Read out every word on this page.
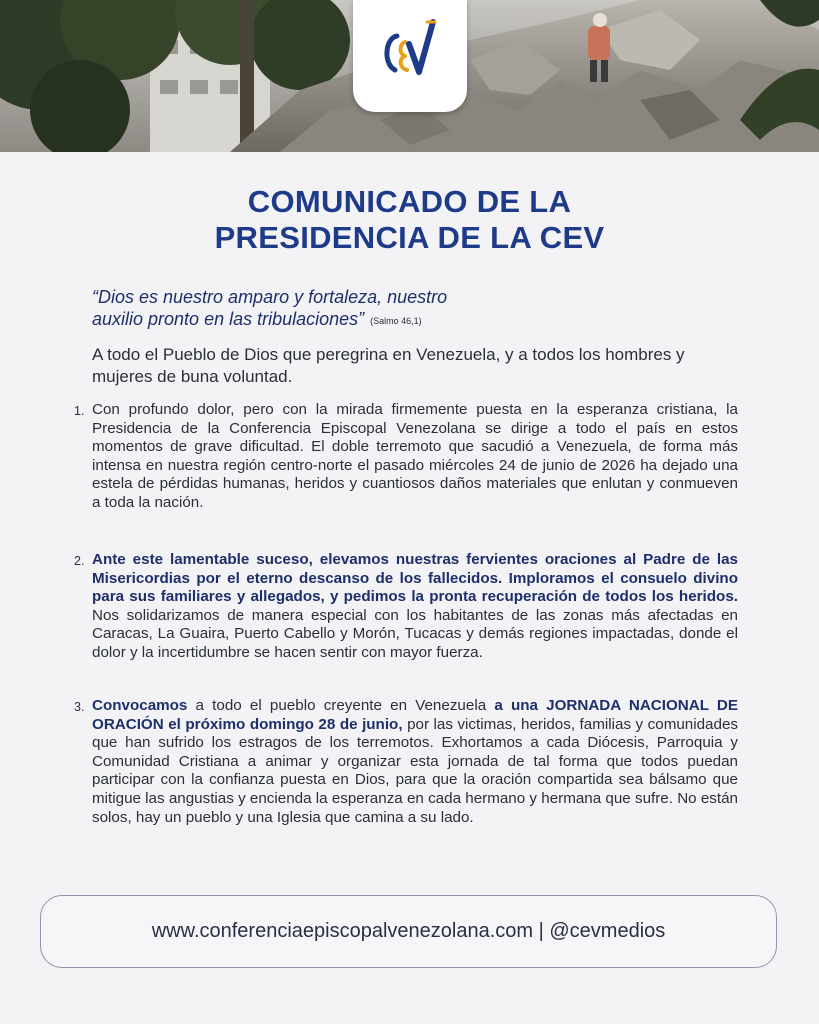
COMUNICADO DE LA
PRESIDENCIA DE LA CEV
“Dios es nuestro amparo y fortaleza, nuestro
auxilio pronto en las tribulaciones” (Salmo 46,1)
A todo el Pueblo de Dios que peregrina en Venezuela, y a todos los hombres y mujeres de buna voluntad.
1. Con profundo dolor, pero con la mirada firmemente puesta en la esperanza cristiana, la Presidencia de la Conferencia Episcopal Venezolana se dirige a todo el país en estos momentos de grave dificultad. El doble terremoto que sacudió a Venezuela, de forma más intensa en nuestra región centro-norte el pasado miércoles 24 de junio de 2026 ha dejado una estela de pérdidas humanas, heridos y cuantiosos daños materiales que enlutan y conmueven a toda la nación.
2. Ante este lamentable suceso, elevamos nuestras fervientes oraciones al Padre de las Misericordias por el eterno descanso de los fallecidos. Imploramos el consuelo divino para sus familiares y allegados, y pedimos la pronta recuperación de todos los heridos. Nos solidarizamos de manera especial con los habitantes de las zonas más afectadas en Caracas, La Guaira, Puerto Cabello y Morón, Tucacas y demás regiones impactadas, donde el dolor y la incertidumbre se hacen sentir con mayor fuerza.
3. Convocamos a todo el pueblo creyente en Venezuela a una JORNADA NACIONAL DE ORACIÓN el próximo domingo 28 de junio, por las victimas, heridos, familias y comunidades que han sufrido los estragos de los terremotos. Exhortamos a cada Diócesis, Parroquia y Comunidad Cristiana a animar y organizar esta jornada de tal forma que todos puedan participar con la confianza puesta en Dios, para que la oración compartida sea bálsamo que mitigue las angustias y encienda la esperanza en cada hermano y hermana que sufre. No están solos, hay un pueblo y una Iglesia que camina a su lado.
www.conferenciaepiscopalvenezolana.com | @cevmedios
